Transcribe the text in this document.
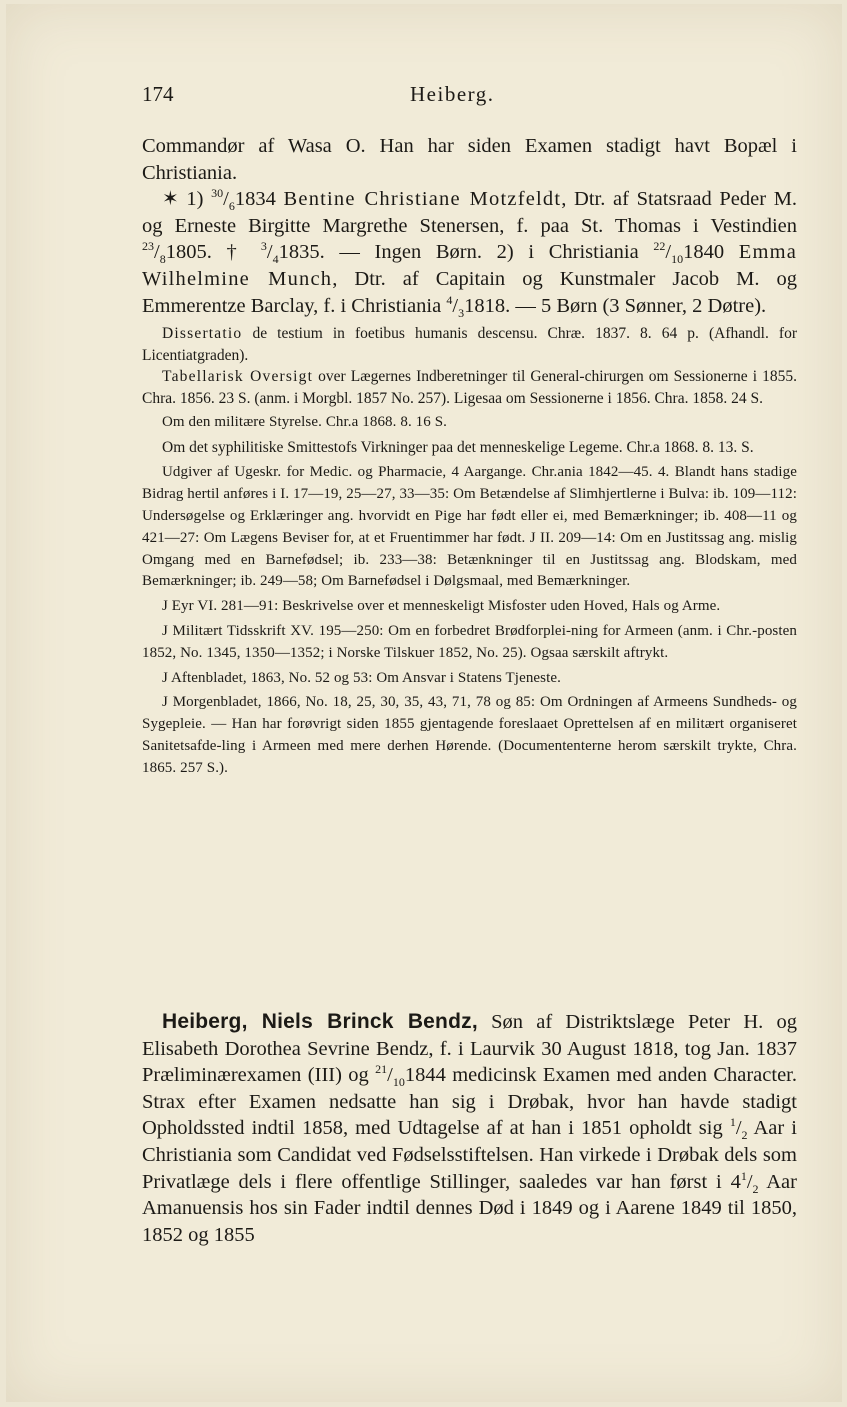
174	Heiberg.

Commandør af Wasa O. Han har siden Examen stadigt havt Bopæl i Christiania.

✶ 1) $^{30}/_61834$ Bentine Christiane Motzfeldt, Dtr. af Statsraad Peder M. og Erneste Birgitte Margrethe Stenersen, f. paa St. Thomas i Vestindien $^{23}/_81805$. † $^3/_41835$. — Ingen Børn. 2) i Christiania $^{22}/_{10}1840$ Emma Wilhelmine Munch, Dtr. af Capitain og Kunstmaler Jacob M. og Emmerentze Barclay, f. i Christiania $^4/_31818$. — 5 Børn (3 Sønner, 2 Døtre).

Dissertatio de testium in foetibus humanis descensu. Chræ. 1837. 8. 64 p. (Afhandl. for Licentiatgraden).

Tabellarisk Oversigt over Lægernes Indberetninger til General-chirurgen om Sessionerne i 1855. Chra. 1856. 23 S. (anm. i Morgbl. 1857 No. 257). Ligesaa om Sessionerne i 1856. Chra. 1858. 24 S.

Om den militære Styrelse. Chr.a 1868. 8. 16 S.

Om det syphilitiske Smittestofs Virkninger paa det menneskelige Legeme. Chr.a 1868. 8. 13. S.

Udgiver af Ugeskr. for Medic. og Pharmacie, 4 Aargange. Chr.ania 1842—45. 4. Blandt hans stadige Bidrag hertil anføres i I. 17—19, 25—27, 33—35: Om Betændelse af Slimhjertlerne i Bulva: ib. 109—112: Undersøgelse og Erklæringer ang. hvorvidt en Pige har født eller ei, med Bemærkninger; ib. 408—11 og 421—27: Om Lægens Beviser for, at et Fruentimmer har født. J II. 209—14: Om en Justitssag ang. mislig Omgang med en Barnefødsel; ib. 233—38: Betænkninger til en Justitssag ang. Blodskam, med Bemærkninger; ib. 249—58; Om Barnefødsel i Dølgsmaal, med Bemærkninger.

J Eyr VI. 281—91: Beskrivelse over et menneskeligt Misfoster uden Hoved, Hals og Arme.

J Militært Tidsskrift XV. 195—250: Om en forbedret Brødforplei-ning for Armeen (anm. i Chr.-posten 1852, No. 1345, 1350—1352; i Norske Tilskuer 1852, No. 25). Ogsaa særskilt aftrykt.

J Aftenbladet, 1863, No. 52 og 53: Om Ansvar i Statens Tjeneste.

J Morgenbladet, 1866, No. 18, 25, 30, 35, 43, 71, 78 og 85: Om Ordningen af Armeens Sundheds- og Sygepleie. — Han har forøvrigt siden 1855 gjentagende foreslaaet Oprettelsen af en militært organiseret Sanitetsafde-ling i Armeen med mere derhen Hørende. (Documententerne herom særskilt trykte, Chra. 1865. 257 S.).

Heiberg, Niels Brinck Bendz, Søn af Distriktslæge Peter H. og Elisabeth Dorothea Sevrine Bendz, f. i Laurvik 30 August 1818, tog Jan. 1837 Præliminærexamen (III) og $^{21}/_{10}1844$ medicinsk Examen med anden Character. Strax efter Examen nedsatte han sig i Drøbak, hvor han havde stadigt Opholdssted indtil 1858, med Udtagelse af at han i 1851 opholdt sig $^1/_2$ Aar i Christiania som Candidat ved Fødselsstiftelsen. Han virkede i Drøbak dels som Privatlæge dels i flere offentlige Stillinger, saaledes var han først i $4^1/_2$ Aar Amanuensis hos sin Fader indtil dennes Død i 1849 og i Aarene 1849 til 1850, 1852 og 1855
